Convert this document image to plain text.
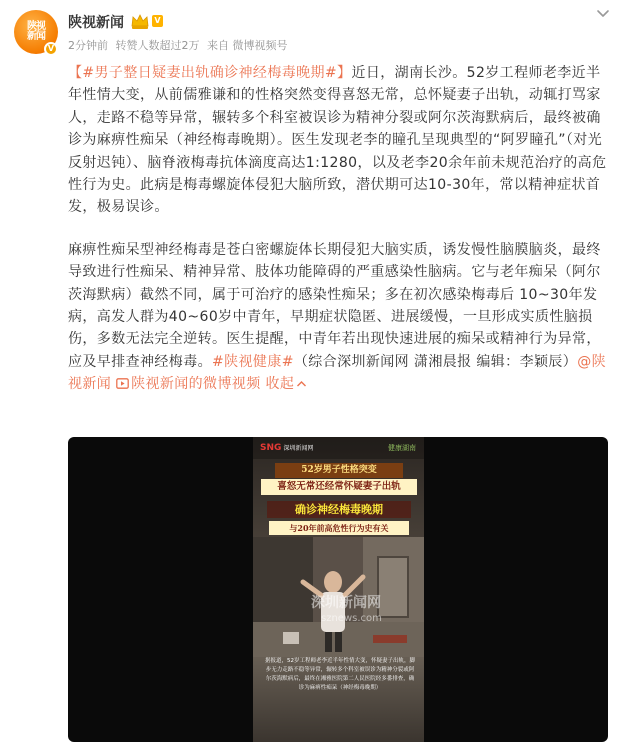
陕视
新闻
V
陕视新闻	V
2分钟前 转赞人数超过2万 来自 微博视频号

【#男子整日疑妻出轨确诊神经梅毒晚期#】近日，湖南长沙。52岁工程师老李近半年性情大变，从前儒雅谦和的性格突然变得喜怒无常，总怀疑妻子出轨，动辄打骂家人，走路不稳等异常，辗转多个科室被误诊为精神分裂或阿尔茨海默病后，最终被确诊为麻痹性痴呆（神经梅毒晚期）。医生发现老李的瞳孔呈现典型的“阿罗瞳孔”（对光反射迟钝）、脑脊液梅毒抗体滴度高达1:1280，以及老李20余年前未规范治疗的高危性行为史。此病是梅毒螺旋体侵犯大脑所致，潜伏期可达10-30年，常以精神症状首发，极易误诊。

麻痹性痴呆型神经梅毒是苍白密螺旋体长期侵犯大脑实质，诱发慢性脑膜脑炎，最终导致进行性痴呆、精神异常、肢体功能障碍的严重感染性脑病。它与老年痴呆（阿尔茨海默病）截然不同，属于可治疗的感染性痴呆；多在初次感染梅毒后 10~30年发病，高发人群为40~60岁中青年，早期症状隐匿、进展缓慢，一旦形成实质性脑损伤，多数无法完全逆转。医生提醒，中青年若出现快速进展的痴呆或精神行为异常，应及早排查神经梅毒。#陕视健康#（综合深圳新闻网 潇湘晨报 编辑：李颖辰）@陕视新闻 陕视新闻的微博视频 收起

SNG 深圳新闻网	健康湖南
52岁男子性格突变
喜怒无常还经常怀疑妻子出轨
确诊神经梅毒晚期
与20年前高危性行为史有关
深圳新闻网
sznews.com
据报道，52岁工程师老李近半年性情大变，怀疑妻子出轨，脚步无力走路不稳等异常，辗转多个科室被误诊为精神分裂或阿尔茨海默病后，最终在湘雅医院第二人民医院经多番排查，确诊为麻痹性痴呆（神经梅毒晚期）
